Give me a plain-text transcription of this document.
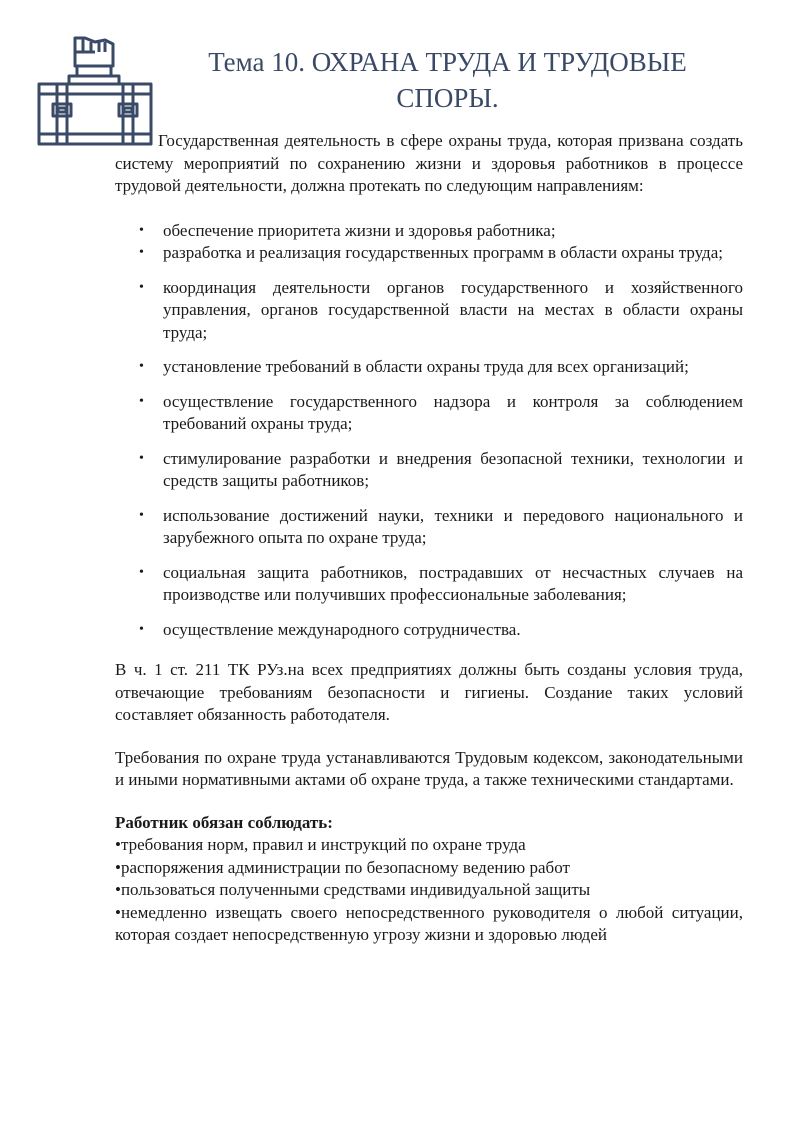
Тема 10. ОХРАНА ТРУДА И ТРУДОВЫЕ
СПОРЫ.

Государственная деятельность в сфере охраны труда, которая призвана создать систему мероприятий по сохранению жизни и здоровья работников в процессе трудовой деятельности, должна протекать по следующим направлениям:

• обеспечение приоритета жизни и здоровья работника;
• разработка и реализация государственных программ в области охраны труда;
• координация деятельности органов государственного и хозяйственного управления, органов государственной власти на местах в области охраны труда;
• установление требований в области охраны труда для всех организаций;
• осуществление государственного надзора и контроля за соблюдением требований охраны труда;
• стимулирование разработки и внедрения безопасной техники, технологии и средств защиты работников;
• использование достижений науки, техники и передового национального и зарубежного опыта по охране труда;
• социальная защита работников, пострадавших от несчастных случаев на производстве или получивших профессиональные заболевания;
• осуществление международного сотрудничества.

В ч. 1 ст. 211 ТК РУз.на всех предприятиях должны быть созданы условия труда, отвечающие требованиям безопасности и гигиены. Создание таких условий составляет обязанность работодателя.

Требования по охране труда устанавливаются Трудовым кодексом, законодательными и иными нормативными актами об охране труда, а также техническими стандартами.

Работник обязан соблюдать:

•требования норм, правил и инструкций по охране труда

•распоряжения администрации по безопасному ведению работ

•пользоваться полученными средствами индивидуальной защиты

•немедленно извещать своего непосредственного руководителя о любой ситуации, которая создает непосредственную угрозу жизни и здоровью людей
